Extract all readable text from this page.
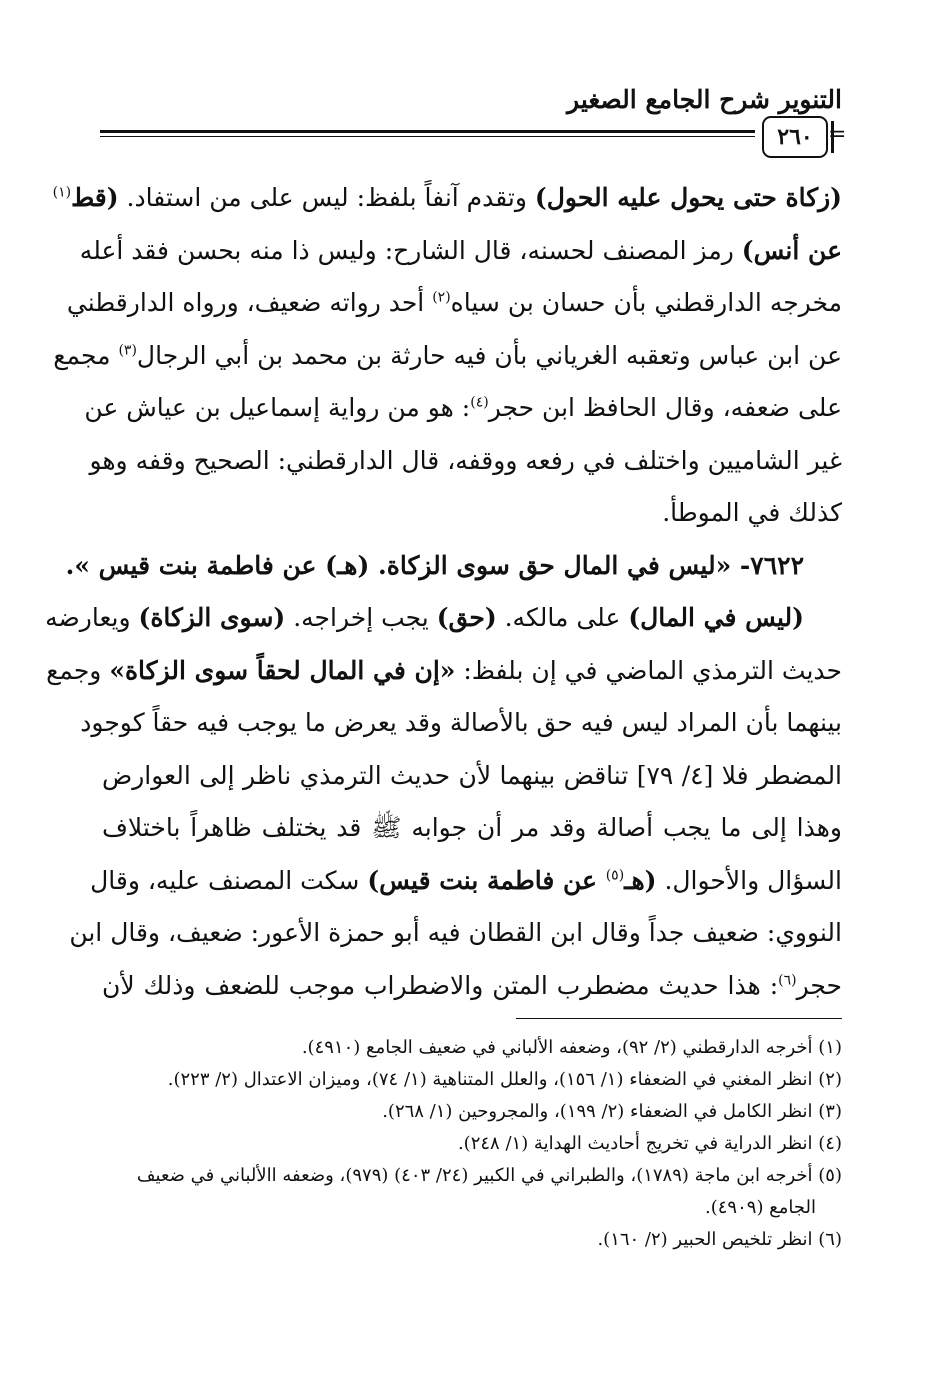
التنوير شرح الجامع الصغير
٢٦٠ =
(زكاة حتى يحول عليه الحول) وتقدم آنفاً بلفظ: ليس على من استفاد. (قط$^{(١)}$
عن أنس) رمز المصنف لحسنه، قال الشارح: وليس ذا منه بحسن فقد أعله
مخرجه الدارقطني بأن حسان بن سياه$^{(٢)}$ أحد رواته ضعيف، ورواه الدارقطني
عن ابن عباس وتعقبه الغرياني بأن فيه حارثة بن محمد بن أبي الرجال$^{(٣)}$ مجمع
على ضعفه، وقال الحافظ ابن حجر$^{(٤)}$: هو من رواية إسماعيل بن عياش عن
غير الشاميين واختلف في رفعه ووقفه، قال الدارقطني: الصحيح وقفه وهو
كذلك في الموطأ.
٧٦٢٢- «ليس في المال حق سوى الزكاة. (هـ) عن فاطمة بنت قيس ».
(ليس في المال) على مالكه. (حق) يجب إخراجه. (سوى الزكاة) ويعارضه
حديث الترمذي الماضي في إن بلفظ: «إن في المال لحقاً سوى الزكاة» وجمع
بينهما بأن المراد ليس فيه حق بالأصالة وقد يعرض ما يوجب فيه حقاً كوجود
المضطر فلا [٤/ ٧٩] تناقض بينهما لأن حديث الترمذي ناظر إلى العوارض
وهذا إلى ما يجب أصالة وقد مر أن جوابه ﷺ قد يختلف ظاهراً باختلاف
السؤال والأحوال. (هـ$^{(٥)}$ عن فاطمة بنت قيس) سكت المصنف عليه، وقال
النووي: ضعيف جداً وقال ابن القطان فيه أبو حمزة الأعور: ضعيف، وقال ابن
حجر$^{(٦)}$: هذا حديث مضطرب المتن والاضطراب موجب للضعف وذلك لأن
(١) أخرجه الدارقطني (٢/ ٩٢)، وضعفه الألباني في ضعيف الجامع (٤٩١٠).
(٢) انظر المغني في الضعفاء (١/ ١٥٦)، والعلل المتناهية (١/ ٧٤)، وميزان الاعتدال (٢/ ٢٢٣).
(٣) انظر الكامل في الضعفاء (٢/ ١٩٩)، والمجروحين (١/ ٢٦٨).
(٤) انظر الدراية في تخريج أحاديث الهداية (١/ ٢٤٨).
(٥) أخرجه ابن ماجة (١٧٨٩)، والطبراني في الكبير (٢٤/ ٤٠٣) (٩٧٩)، وضعفه االألباني في ضعيف
الجامع (٤٩٠٩).
(٦) انظر تلخيص الحبير (٢/ ١٦٠).
